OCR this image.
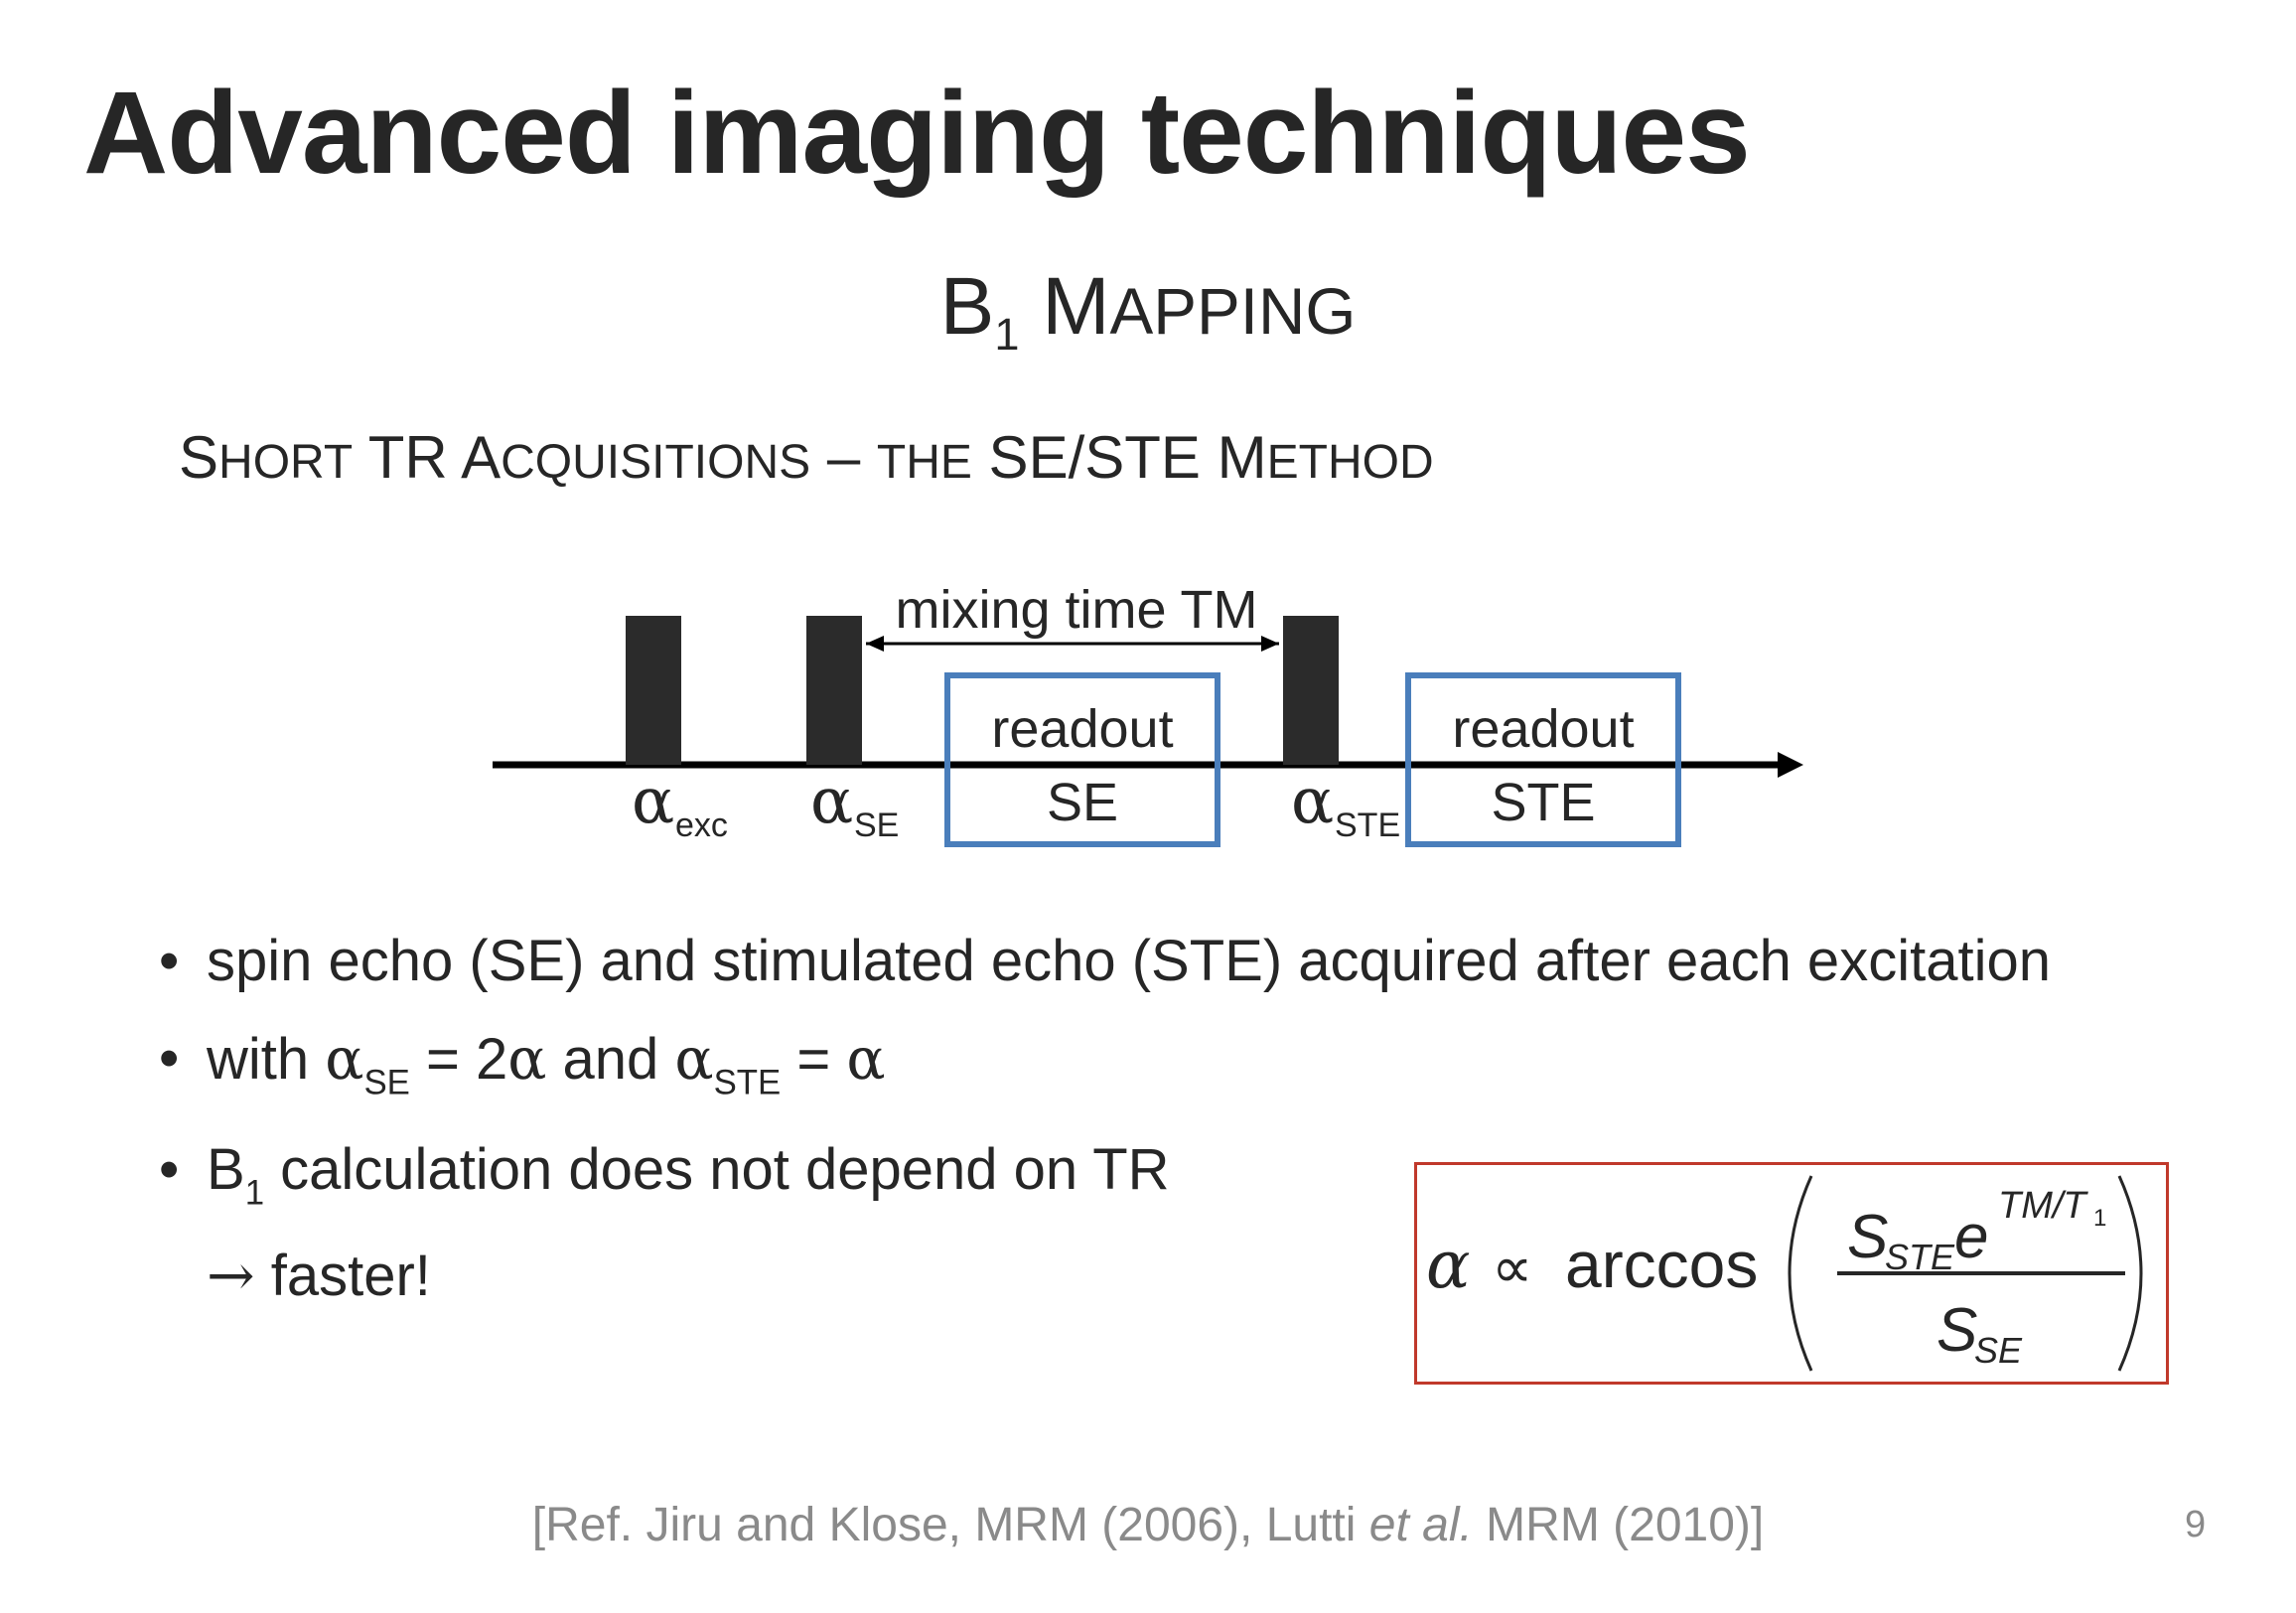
Advanced imaging techniques
$B_1$ MAPPING
SHORT TR ACQUISITIONS – THE SE/STE METHOD
mixing time TM
readout
SE
readout
STE
α exc α SE	α STE
• spin echo (SE) and stimulated echo (STE) acquired after each excitation
• with $\alpha_{SE} = 2\alpha$ and $\alpha_{STE} = \alpha$
• $B_1$ calculation does not depend on TR
→ faster!	α ∝ arccos S
STE e TM/T 1
S
SE
[Ref. Jiru and Klose, MRM (2006), Lutti et al. MRM (2010)]	9
